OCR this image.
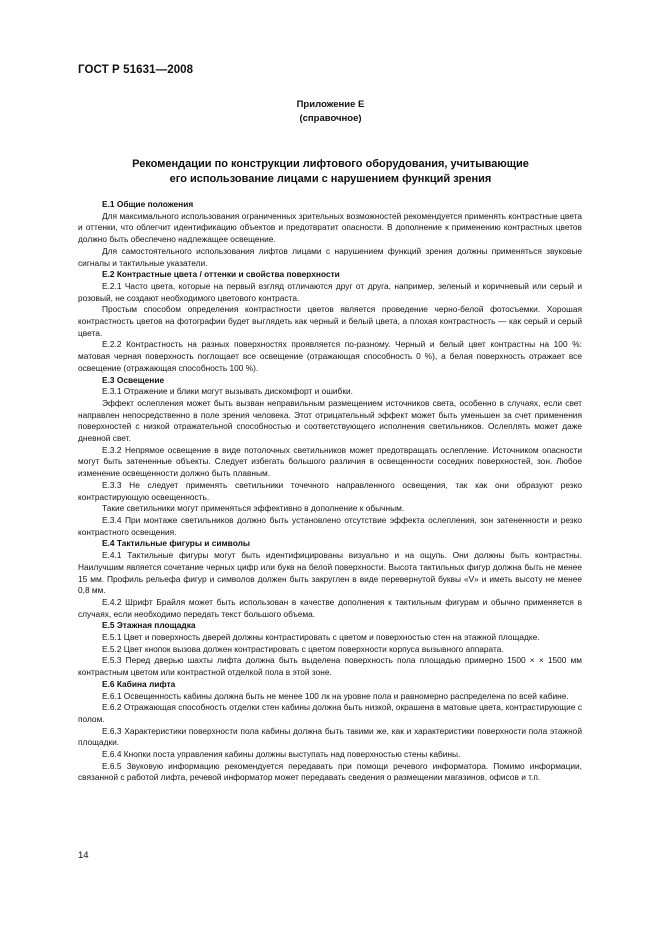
ГОСТ Р 51631—2008
Приложение Е
(справочное)
Рекомендации по конструкции лифтового оборудования, учитывающие
его использование лицами с нарушением функций зрения
Е.1 Общие положения

Для максимального использования ограниченных зрительных возможностей рекомендуется применять контрастные цвета и оттенки, что облегчит идентификацию объектов и предотвратит опасности. В дополнение к применению контрастных цветов должно быть обеспечено надлежащее освещение.

Для самостоятельного использования лифтов лицами с нарушением функций зрения должны применяться звуковые сигналы и тактильные указатели.

Е.2 Контрастные цвета / оттенки и свойства поверхности

Е.2.1 Часто цвета, которые на первый взгляд отличаются друг от друга, например, зеленый и коричневый или серый и розовый, не создают необходимого цветового контраста.

Простым способом определения контрастности цветов является проведение черно-белой фотосъемки. Хорошая контрастность цветов на фотографии будет выглядеть как черный и белый цвета, а плохая контрастность — как серый и серый цвета.

Е.2.2 Контрастность на разных поверхностях проявляется по-разному. Черный и белый цвет контрастны на 100 %: матовая черная поверхность поглощает все освещение (отражающая способность 0 %), а белая поверхность отражает все освещение (отражающая способность 100 %).

Е.3 Освещение

Е.3.1 Отражение и блики могут вызывать дискомфорт и ошибки.

Эффект ослепления может быть вызван неправильным размещением источников света, особенно в случаях, если свет направлен непосредственно в поле зрения человека. Этот отрицательный эффект может быть уменьшен за счет применения поверхностей с низкой отражательной способностью и соответствующего исполнения светильников. Ослеплять может даже дневной свет.

Е.3.2 Непрямое освещение в виде потолочных светильников может предотвращать ослепление. Источником опасности могут быть затененные объекты. Следует избегать большого различия в освещенности соседних поверхностей, зон. Любое изменение освещенности должно быть плавным.

Е.3.3 Не следует применять светильники точечного направленного освещения, так как они образуют резко контрастирующую освещенность.

Такие светильники могут применяться эффективно в дополнение к обычным.

Е.3.4 При монтаже светильников должно быть установлено отсутствие эффекта ослепления, зон затененности и резко контрастного освещения.

Е.4 Тактильные фигуры и символы

Е.4.1 Тактильные фигуры могут быть идентифицированы визуально и на ощупь. Они должны быть контрастны. Наилучшим является сочетание черных цифр или букв на белой поверхности. Высота тактильных фигур должна быть не менее 15 мм. Профиль рельефа фигур и символов должен быть закруглен в виде перевернутой буквы «V» и иметь высоту не менее 0,8 мм.

Е.4.2 Шрифт Брайля может быть использован в качестве дополнения к тактильным фигурам и обычно применяется в случаях, если необходимо передать текст большого объема.

Е.5 Этажная площадка

Е.5.1 Цвет и поверхность дверей должны контрастировать с цветом и поверхностью стен на этажной площадке.

Е.5.2 Цвет кнопок вызова должен контрастировать с цветом поверхности корпуса вызывного аппарата.

Е.5.3 Перед дверью шахты лифта должна быть выделена поверхность пола площадью примерно 1500 × × 1500 мм контрастным цветом или контрастной отделкой пола в этой зоне.

Е.6 Кабина лифта

Е.6.1 Освещенность кабины должна быть не менее 100 лк на уровне пола и равномерно распределена по всей кабине.

Е.6.2 Отражающая способность отделки стен кабины должна быть низкой, окрашена в матовые цвета, контрастирующие с полом.

Е.6.3 Характеристики поверхности пола кабины должна быть такими же, как и характеристики поверхности пола этажной площадки.

Е.6.4 Кнопки поста управления кабины должны выступать над поверхностью стены кабины.

Е.6.5 Звуковую информацию рекомендуется передавать при помощи речевого информатора. Помимо информации, связанной с работой лифта, речевой информатор может передавать сведения о размещении магазинов, офисов и т.п.

14
